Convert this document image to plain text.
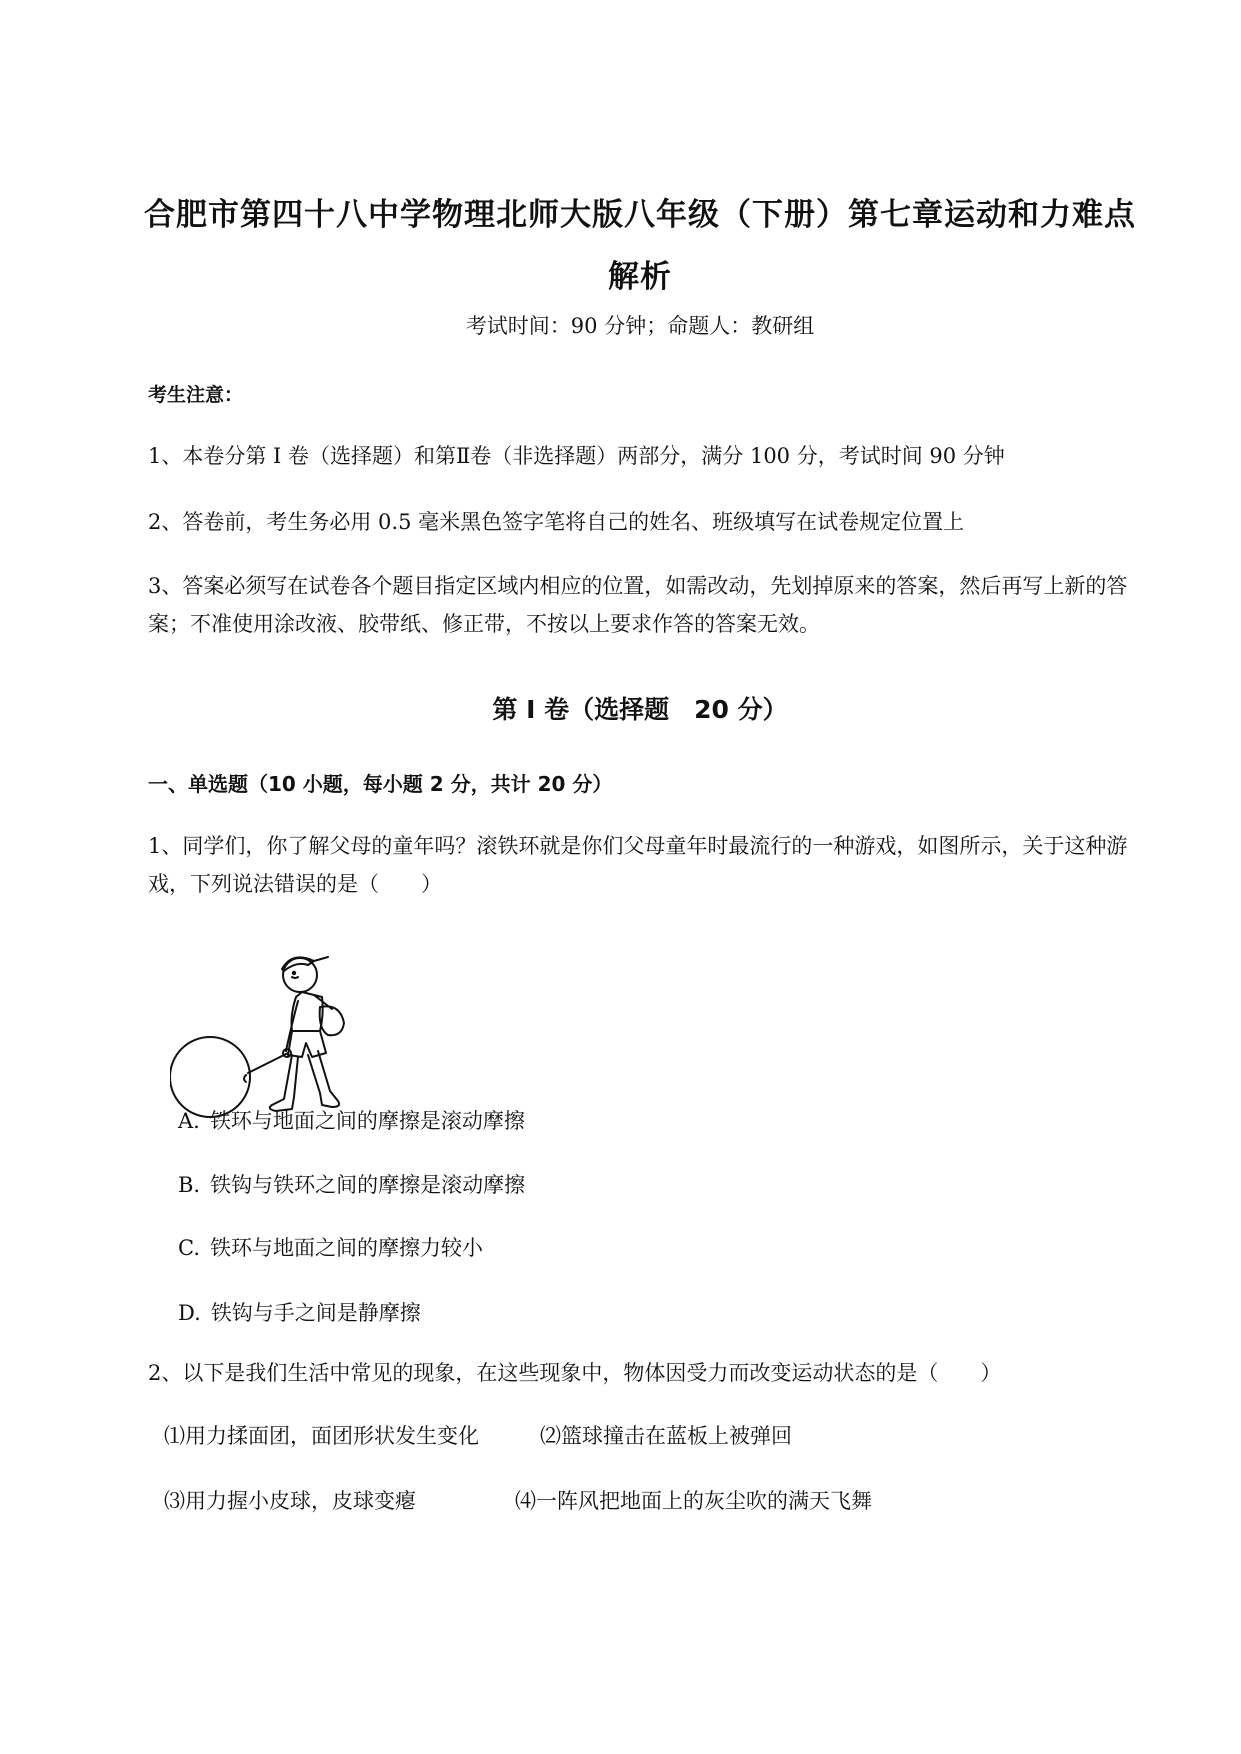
合肥市第四十八中学物理北师大版八年级（下册）第七章运动和力难点解析
考试时间：90 分钟；命题人：教研组
考生注意：
1、本卷分第 I 卷（选择题）和第Ⅱ卷（非选择题）两部分，满分 100 分，考试时间 90 分钟
2、答卷前，考生务必用 0.5 毫米黑色签字笔将自己的姓名、班级填写在试卷规定位置上
3、答案必须写在试卷各个题目指定区域内相应的位置，如需改动，先划掉原来的答案，然后再写上新的答案；不准使用涂改液、胶带纸、修正带，不按以上要求作答的答案无效。
第 I 卷（选择题　20 分）
一、单选题（10 小题，每小题 2 分，共计 20 分）
1、同学们，你了解父母的童年吗？滚铁环就是你们父母童年时最流行的一种游戏，如图所示，关于这种游戏，下列说法错误的是（　　）
A. 铁环与地面之间的摩擦是滚动摩擦
B. 铁钩与铁环之间的摩擦是滚动摩擦
C. 铁环与地面之间的摩擦力较小
D. 铁钩与手之间是静摩擦
2、以下是我们生活中常见的现象，在这些现象中，物体因受力而改变运动状态的是（　　）
⑴用力揉面团，面团形状发生变化	⑵篮球撞击在蓝板上被弹回
⑶用力握小皮球，皮球变瘪	⑷一阵风把地面上的灰尘吹的满天飞舞
